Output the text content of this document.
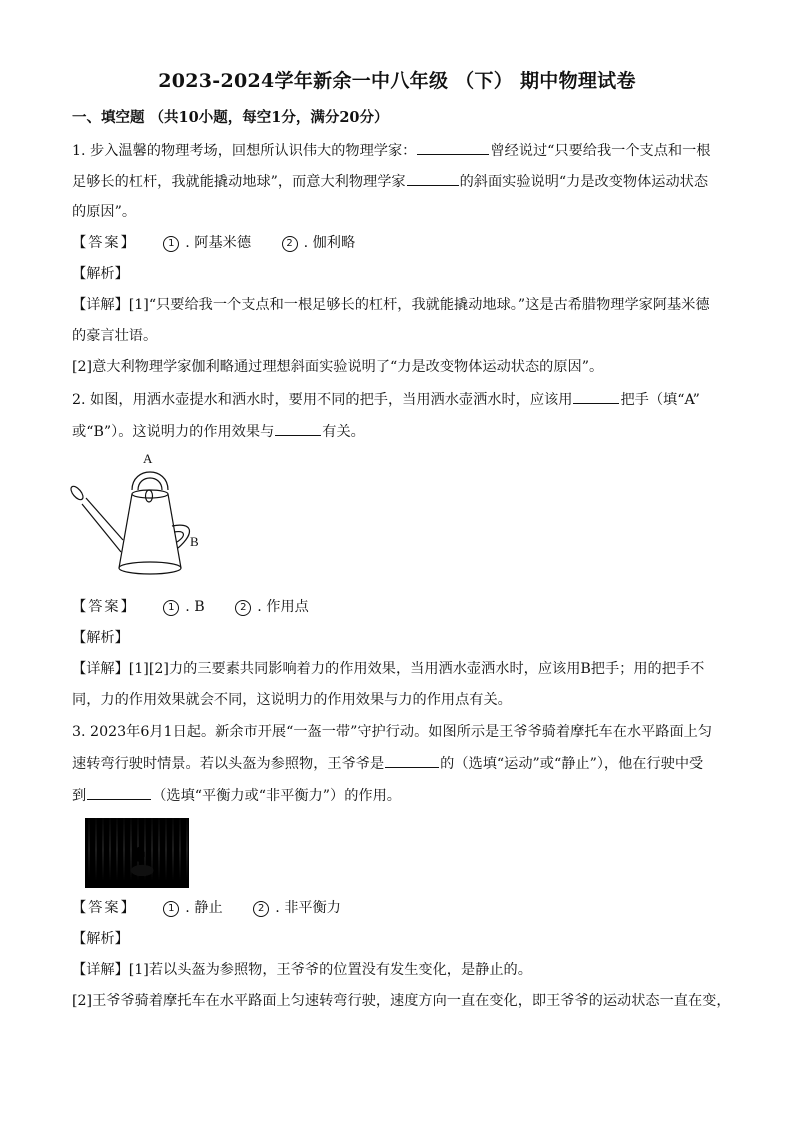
2023-2024学年新余一中八年级 （下） 期中物理试卷
一、填空题 （共10小题，每空1分，满分20分）
1. 步入温馨的物理考场，回想所认识伟大的物理学家：	曾经说过“只要给我一个支点和一根
足够长的杠杆，我就能撬动地球”，而意大利物理学家	的斜面实验说明“力是改变物体运动状态
的原因”。
【答案】	1 . 阿基米德	2 . 伽利略
【解析】
【详解】[1]“只要给我一个支点和一根足够长的杠杆，我就能撬动地球。”这是古希腊物理学家阿基米德
的豪言壮语。
[2]意大利物理学家伽利略通过理想斜面实验说明了“力是改变物体运动状态的原因”。
2. 如图，用洒水壶提水和洒水时，要用不同的把手，当用洒水壶洒水时，应该用	把手（填“A”
或“B”）。这说明力的作用效果与	有关。
A
B
【答案】	1 . B	2 . 作用点
【解析】
【详解】[1][2]力的三要素共同影响着力的作用效果，当用洒水壶洒水时，应该用B把手；用的把手不
同，力的作用效果就会不同，这说明力的作用效果与力的作用点有关。
3. 2023年6月1日起。新余市开展“一盔一带”守护行动。如图所示是王爷爷骑着摩托车在水平路面上匀
速转弯行驶时情景。若以头盔为参照物，王爷爷是	的（选填“运动”或“静止”），他在行驶中受
到	（选填“平衡力或“非平衡力”）的作用。
【答案】	1 . 静止	2 . 非平衡力
【解析】
【详解】[1]若以头盔为参照物，王爷爷的位置没有发生变化，是静止的。
[2]王爷爷骑着摩托车在水平路面上匀速转弯行驶，速度方向一直在变化，即王爷爷的运动状态一直在变，
